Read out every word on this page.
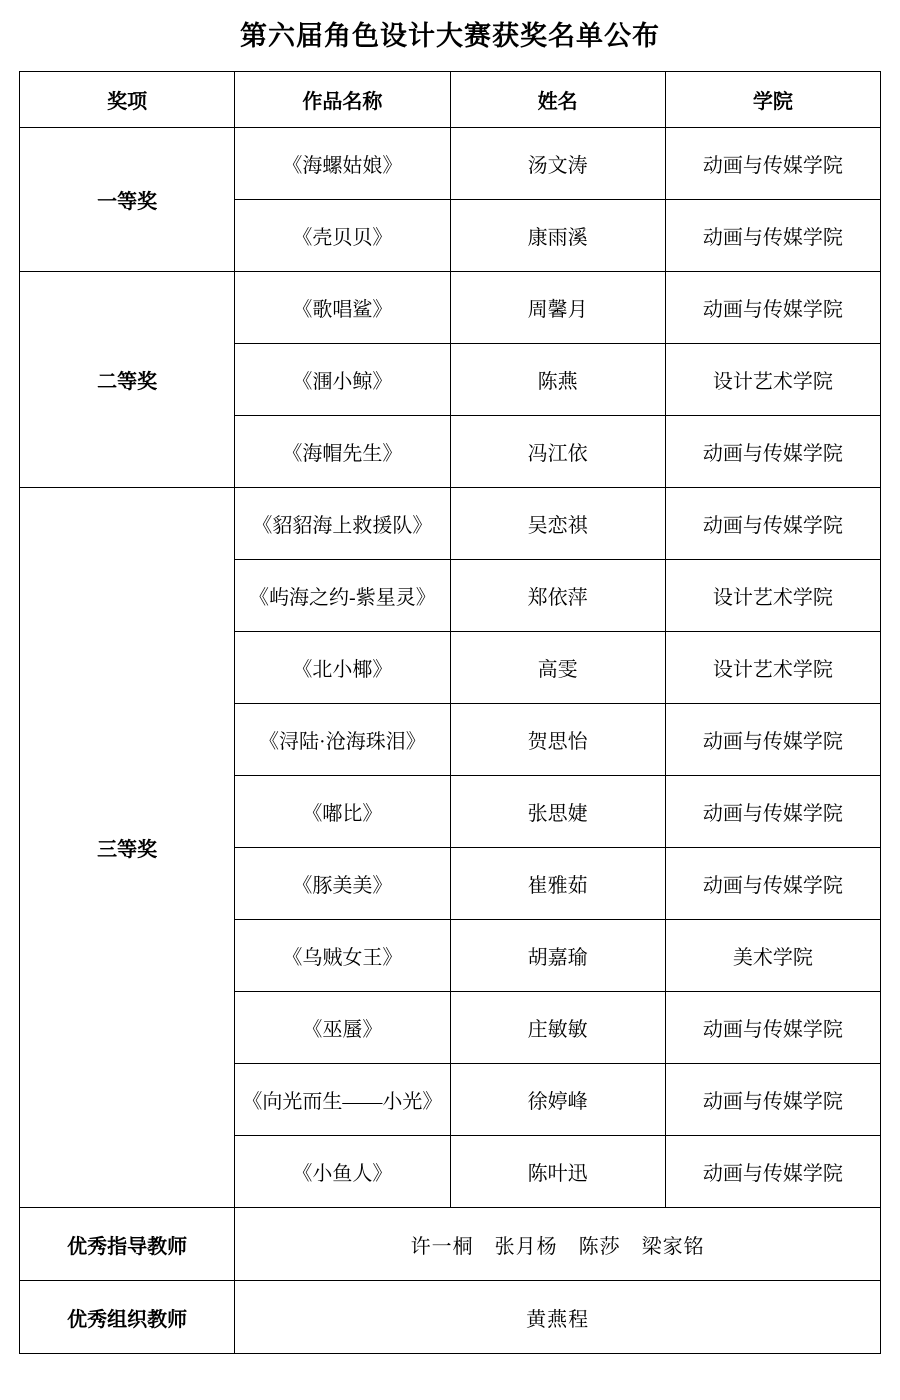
第六届角色设计大赛获奖名单公布
奖项	作品名称	姓名	学院
一等奖	《海螺姑娘》	汤文涛	动画与传媒学院
	《壳贝贝》	康雨溪	动画与传媒学院
二等奖	《歌唱鲨》	周馨月	动画与传媒学院
	《涠小鲸》	陈燕	设计艺术学院
	《海帽先生》	冯江依	动画与传媒学院
三等奖	《貂貂海上救援队》	吴恋祺	动画与传媒学院
	《屿海之约-紫星灵》	郑依萍	设计艺术学院
	《北小椰》	高雯	设计艺术学院
	《浔陆·沧海珠泪》	贺思怡	动画与传媒学院
	《嘟比》	张思婕	动画与传媒学院
	《豚美美》	崔雅茹	动画与传媒学院
	《乌贼女王》	胡嘉瑜	美术学院
	《巫蜃》	庄敏敏	动画与传媒学院
	《向光而生——小光》	徐婷峰	动画与传媒学院
	《小鱼人》	陈叶迅	动画与传媒学院
优秀指导教师	许一桐　张月杨　陈莎　梁家铭		
优秀组织教师	黄燕程		
